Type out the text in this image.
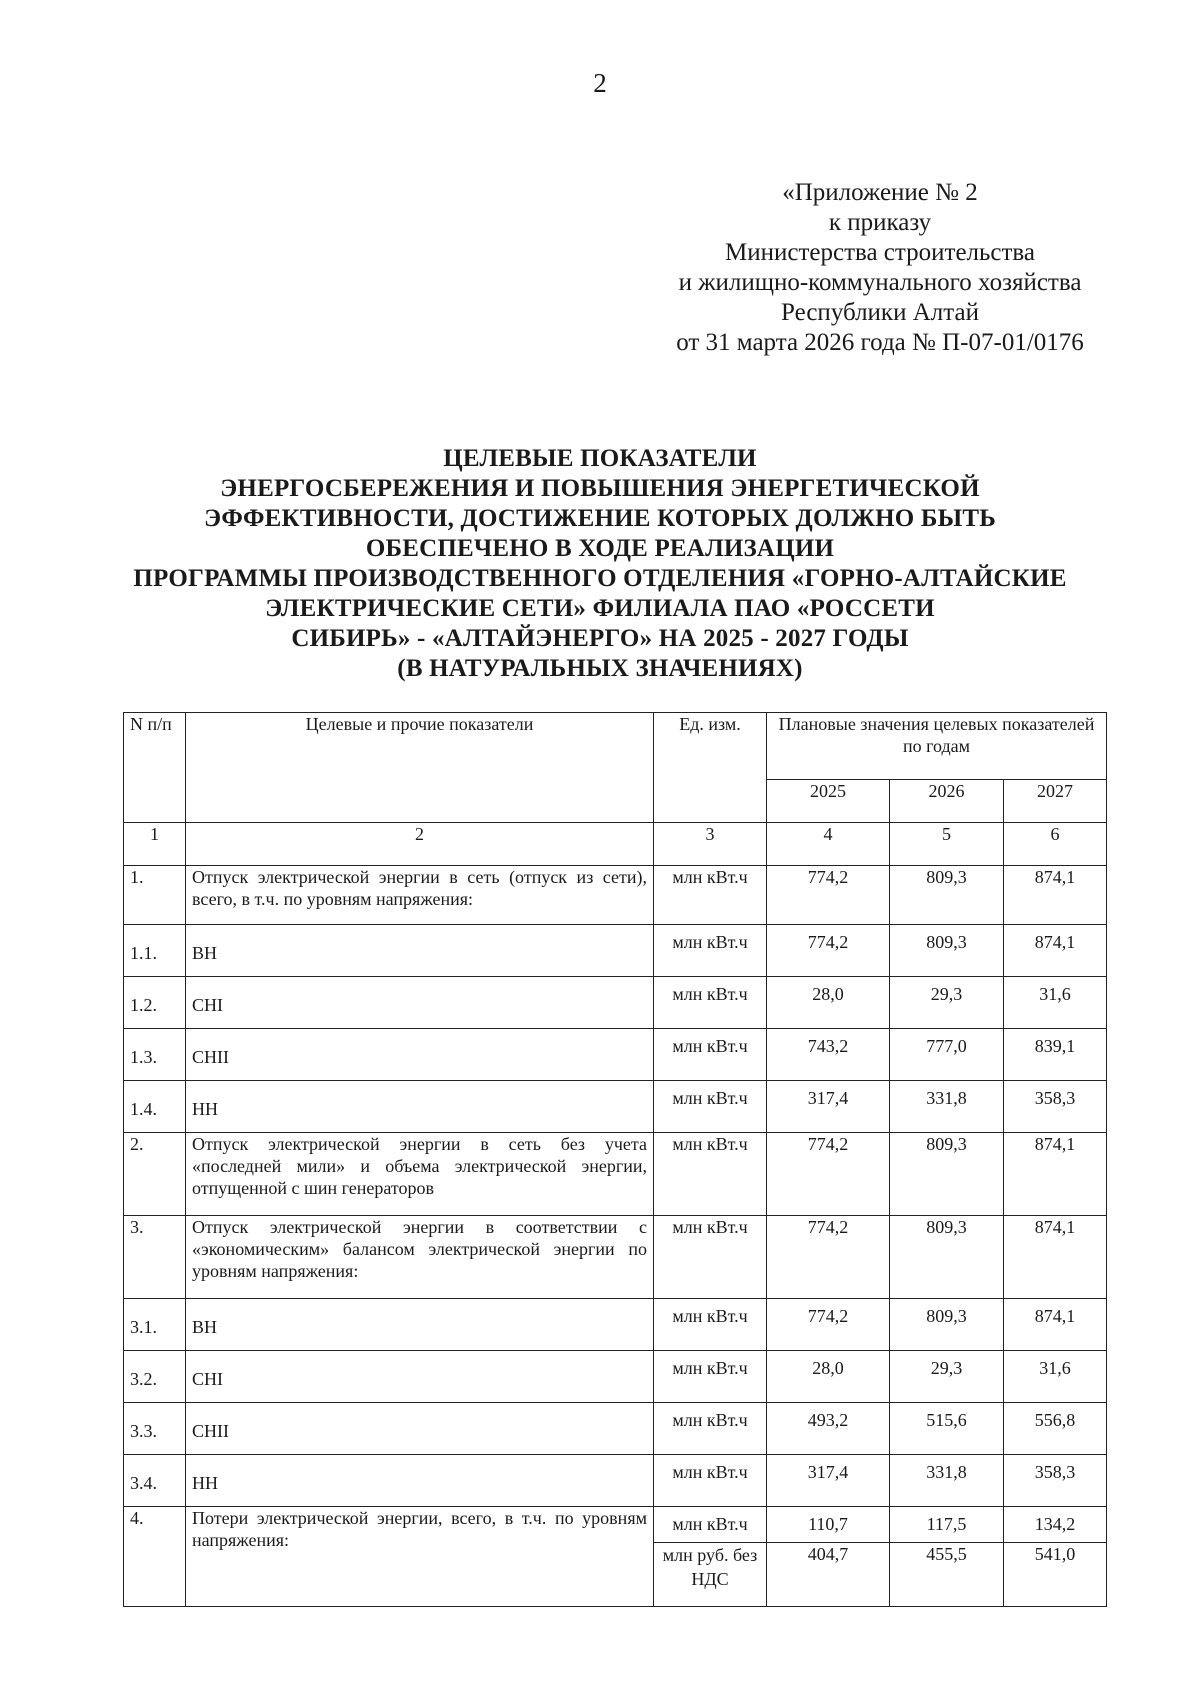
2
«Приложение № 2
к приказу
Министерства строительства
и жилищно-коммунального хозяйства
Республики Алтай
от 31 марта 2026 года № П-07-01/0176
ЦЕЛЕВЫЕ ПОКАЗАТЕЛИ
ЭНЕРГОСБЕРЕЖЕНИЯ И ПОВЫШЕНИЯ ЭНЕРГЕТИЧЕСКОЙ
ЭФФЕКТИВНОСТИ, ДОСТИЖЕНИЕ КОТОРЫХ ДОЛЖНО БЫТЬ
ОБЕСПЕЧЕНО В ХОДЕ РЕАЛИЗАЦИИ
ПРОГРАММЫ ПРОИЗВОДСТВЕННОГО ОТДЕЛЕНИЯ «ГОРНО-АЛТАЙСКИЕ
ЭЛЕКТРИЧЕСКИЕ СЕТИ» ФИЛИАЛА ПАО «РОССЕТИ
СИБИРЬ» - «АЛТАЙЭНЕРГО» НА 2025 - 2027 ГОДЫ
(В НАТУРАЛЬНЫХ ЗНАЧЕНИЯХ)
N п/п	Целевые и прочие показатели	Ед. изм.	Плановые значения целевых показателей по годам		
			2025	2026	2027
1	2	3	4	5	6
1.	Отпуск электрической энергии в сеть (отпуск из сети), всего, в т.ч. по уровням напряжения:	млн кВт.ч	774,2	809,3	874,1
1.1.	ВН	млн кВт.ч	774,2	809,3	874,1
1.2.	СНI	млн кВт.ч	28,0	29,3	31,6
1.3.	СНII	млн кВт.ч	743,2	777,0	839,1
1.4.	НН	млн кВт.ч	317,4	331,8	358,3
2.	Отпуск электрической энергии в сеть без учета «последней мили» и объема электрической энергии, отпущенной с шин генераторов	млн кВт.ч	774,2	809,3	874,1
3.	Отпуск электрической энергии в соответствии с «экономическим» балансом электрической энергии по уровням напряжения:	млн кВт.ч	774,2	809,3	874,1
3.1.	ВН	млн кВт.ч	774,2	809,3	874,1
3.2.	СНI	млн кВт.ч	28,0	29,3	31,6
3.3.	СНII	млн кВт.ч	493,2	515,6	556,8
3.4.	НН	млн кВт.ч	317,4	331,8	358,3
4.	Потери электрической энергии, всего, в т.ч. по уровням напряжения:	млн кВт.ч	110,7	117,5	134,2
		млн руб. без НДС	404,7	455,5	541,0
